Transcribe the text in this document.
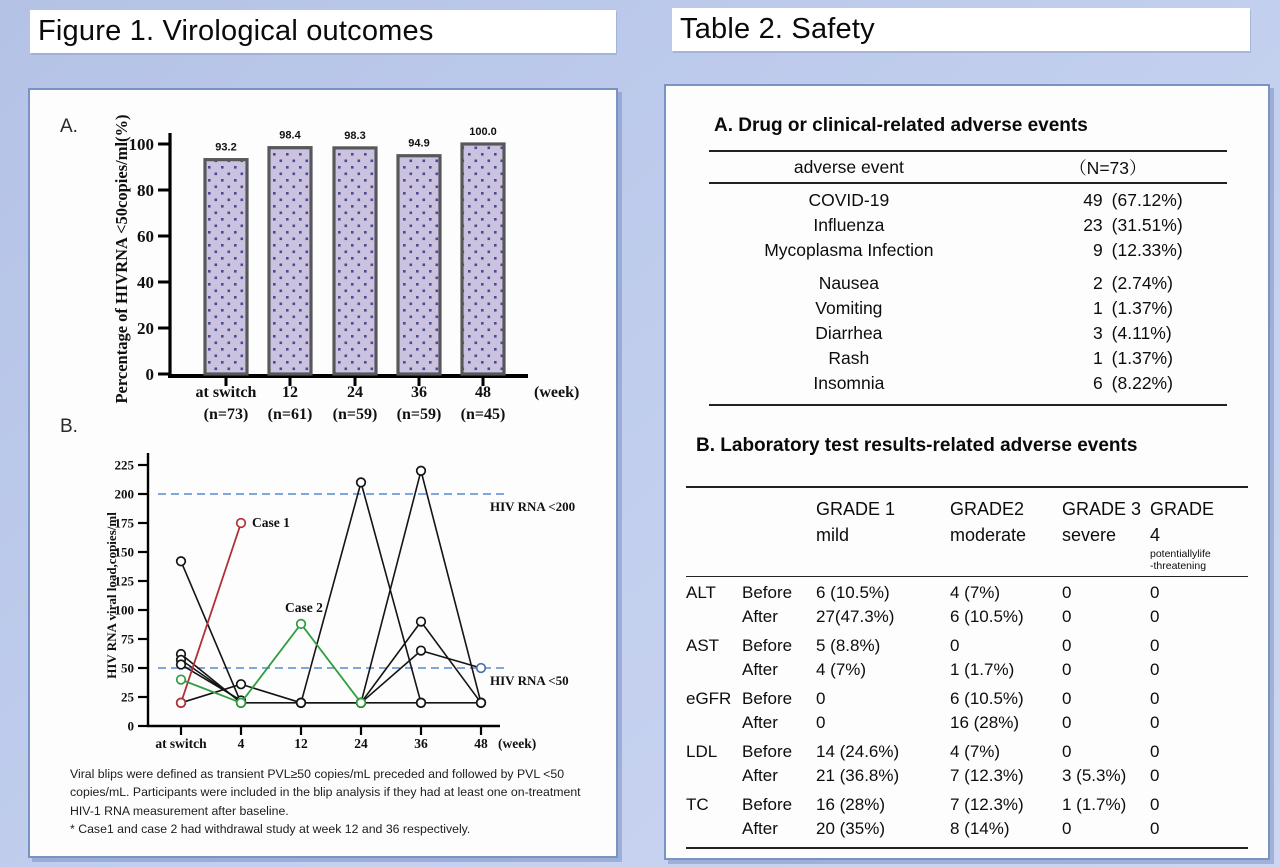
Figure 1. Virological outcomes	Table 2. Safety
A.
0
20
40
60
80
100	93.2
at switch
(n=73)
98.4
12
(n=61)
98.3
24
(n=59)
94.9
36
(n=59)
100.0
48
(n=45)
(week)
Percentage of HIVRNA <50copies/ml(%)
B.
0
25
50
75
100
125
150
175
200
225
at switch 4	12	24	36	48 (week)
HIV RNA viral load,copies/ml
HIV RNA <200
HIV RNA <50
Case 1
Case 2
Viral blips were defined as transient PVL≥50 copies/mL preceded and followed by PVL <50
copies/mL. Participants were included in the blip analysis if they had at least one on-treatment
HIV-1 RNA measurement after baseline.
* Case1 and case 2 had withdrawal study at week 12 and 36 respectively.
A. Drug or clinical-related adverse events
adverse event	（N=73）
COVID-19	49 (67.12%)
Influenza	23 (31.51%)
Mycoplasma Infection	9 (12.33%)
Nausea	2 (2.74%)
Vomiting	1 (1.37%)
Diarrhea	3 (4.11%)
Rash	1 (1.37%)
Insomnia	6 (8.22%)
B. Laboratory test results-related adverse events
GRADE 1
mild
GRADE2
moderate
GRADE 3
severe
GRADE
4
potentiallylife
-threatening
ALT	Before	6 (10.5%)	4 (7%)	0	0
After	27(47.3%)	6 (10.5%)	0	0
AST	Before	5 (8.8%)	0	0	0
After	4 (7%)	1 (1.7%)	0	0
eGFR Before	0	6 (10.5%)	0	0
After	0	16 (28%)	0	0
LDL	Before	14 (24.6%)	4 (7%)	0	0
After	21 (36.8%)	7 (12.3%)	3 (5.3%)	0
TC	Before	16 (28%)	7 (12.3%)	1 (1.7%)	0
After	20 (35%)	8 (14%)	0	0
